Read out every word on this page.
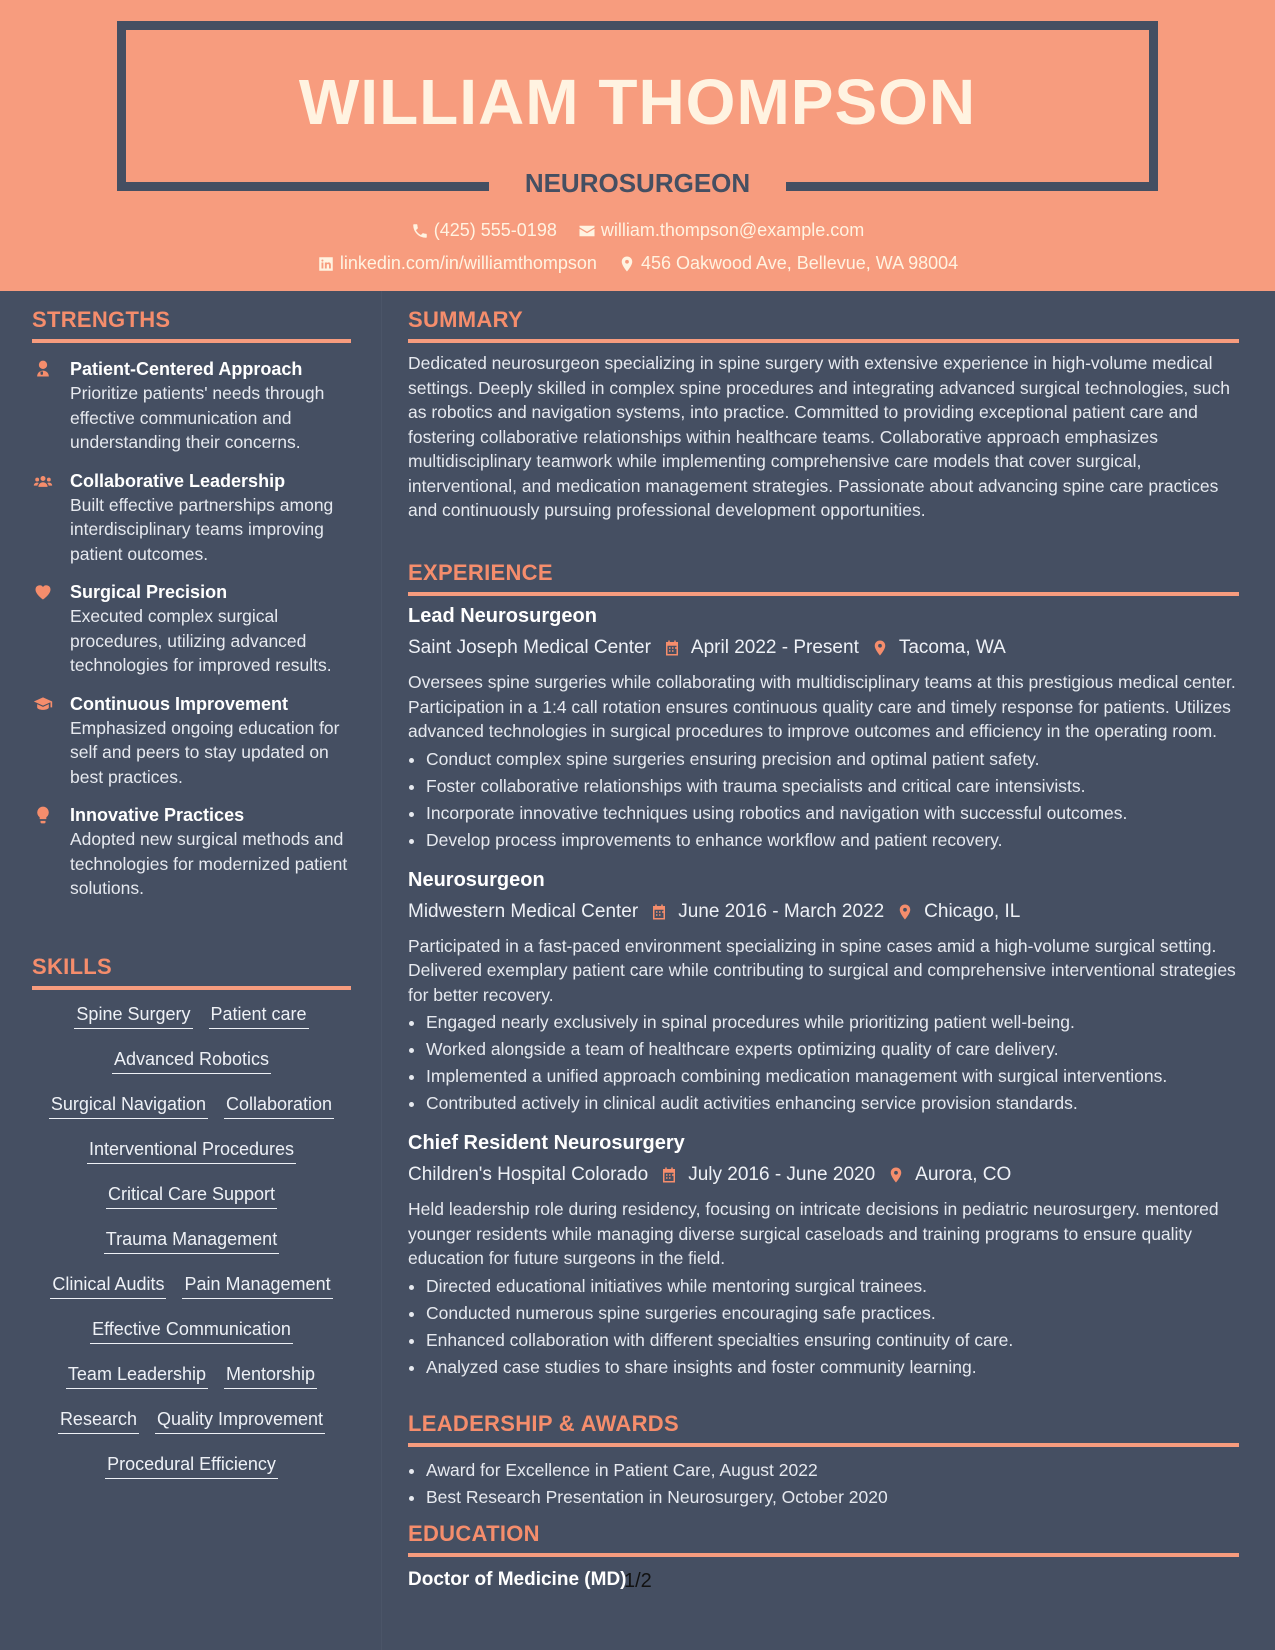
WILLIAM THOMPSON
NEUROSURGEON
(425) 555-0198
william.thompson@example.com
linkedin.com/in/williamthompson
456 Oakwood Ave, Bellevue, WA 98004
STRENGTHS
Patient-Centered Approach
Prioritize patients' needs through effective communication and understanding their concerns.
Collaborative Leadership
Built effective partnerships among interdisciplinary teams improving patient outcomes.
Surgical Precision
Executed complex surgical procedures, utilizing advanced technologies for improved results.
Continuous Improvement
Emphasized ongoing education for self and peers to stay updated on best practices.
Innovative Practices
Adopted new surgical methods and technologies for modernized patient solutions.
SKILLS
Spine Surgery Patient care
Advanced Robotics
Surgical Navigation Collaboration
Interventional Procedures
Critical Care Support
Trauma Management
Clinical Audits Pain Management
Effective Communication
Team Leadership Mentorship
Research Quality Improvement
Procedural Efficiency
SUMMARY

Dedicated neurosurgeon specializing in spine surgery with extensive experience in high-volume medical settings. Deeply skilled in complex spine procedures and integrating advanced surgical technologies, such as robotics and navigation systems, into practice. Committed to providing exceptional patient care and fostering collaborative relationships within healthcare teams. Collaborative approach emphasizes multidisciplinary teamwork while implementing comprehensive care models that cover surgical, interventional, and medication management strategies. Passionate about advancing spine care practices and continuously pursuing professional development opportunities.

EXPERIENCE
Lead Neurosurgeon
Saint Joseph Medical Center April 2022 - Present Tacoma, WA

Oversees spine surgeries while collaborating with multidisciplinary teams at this prestigious medical center. Participation in a 1:4 call rotation ensures continuous quality care and timely response for patients. Utilizes advanced technologies in surgical procedures to improve outcomes and efficiency in the operating room.

• Conduct complex spine surgeries ensuring precision and optimal patient safety.
• Foster collaborative relationships with trauma specialists and critical care intensivists.
• Incorporate innovative techniques using robotics and navigation with successful outcomes.
• Develop process improvements to enhance workflow and patient recovery.
Neurosurgeon
Midwestern Medical Center June 2016 - March 2022 Chicago, IL

Participated in a fast-paced environment specializing in spine cases amid a high-volume surgical setting. Delivered exemplary patient care while contributing to surgical and comprehensive interventional strategies for better recovery.

• Engaged nearly exclusively in spinal procedures while prioritizing patient well-being.
• Worked alongside a team of healthcare experts optimizing quality of care delivery.
• Implemented a unified approach combining medication management with surgical interventions.
• Contributed actively in clinical audit activities enhancing service provision standards.
Chief Resident Neurosurgery
Children's Hospital Colorado July 2016 - June 2020 Aurora, CO

Held leadership role during residency, focusing on intricate decisions in pediatric neurosurgery. mentored younger residents while managing diverse surgical caseloads and training programs to ensure quality education for future surgeons in the field.

• Directed educational initiatives while mentoring surgical trainees.
• Conducted numerous spine surgeries encouraging safe practices.
• Enhanced collaboration with different specialties ensuring continuity of care.
• Analyzed case studies to share insights and foster community learning.
LEADERSHIP & AWARDS
• Award for Excellence in Patient Care, August 2022
• Best Research Presentation in Neurosurgery, October 2020
EDUCATION
Doctor of Medicine (MD)
1/2
